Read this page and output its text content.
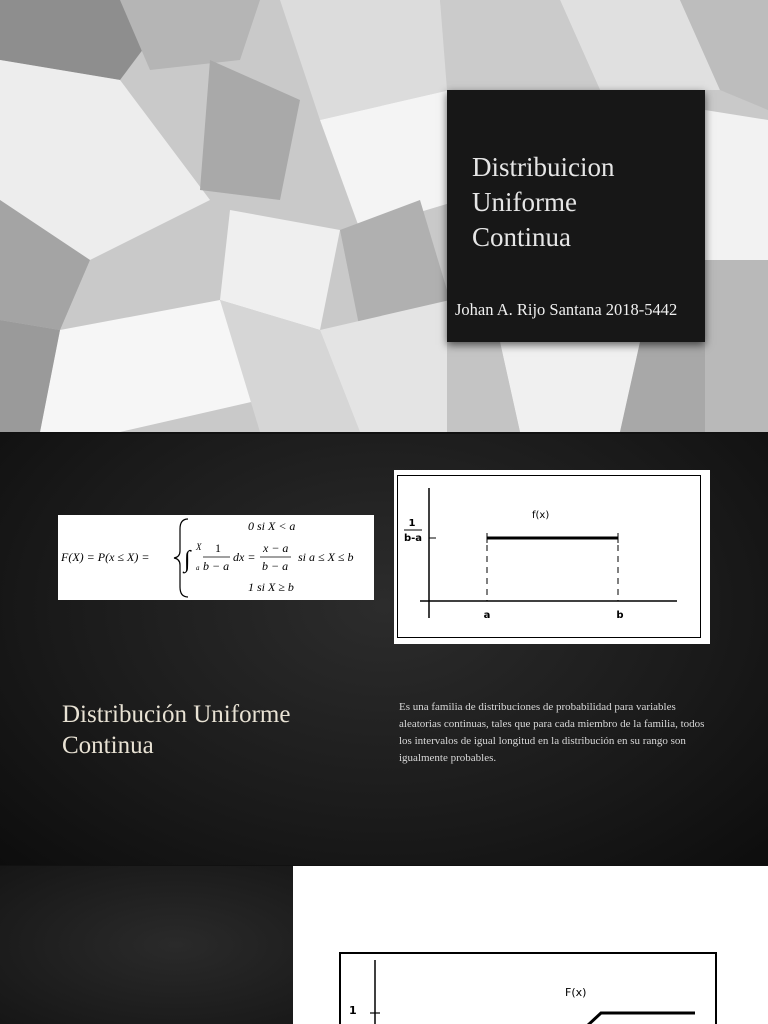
Distribuicion
Uniforme
Continua
Johan A. Rijo Santana 2018-5442
F(X) = P(x ≤ X) =
0 si X < a
∫ X
a
1
b − a
dx =
x − a
b − a
si a ≤ X ≤ b
1 si X ≥ b
f(x)
1
b-a
a	b
Distribución Uniforme Continua
Es una familia de distribuciones de probabilidad para variables aleatorias continuas, tales que para cada miembro de la familia, todos los intervalos de igual longitud en la distribución en su rango son igualmente probables.
1
F(x)
